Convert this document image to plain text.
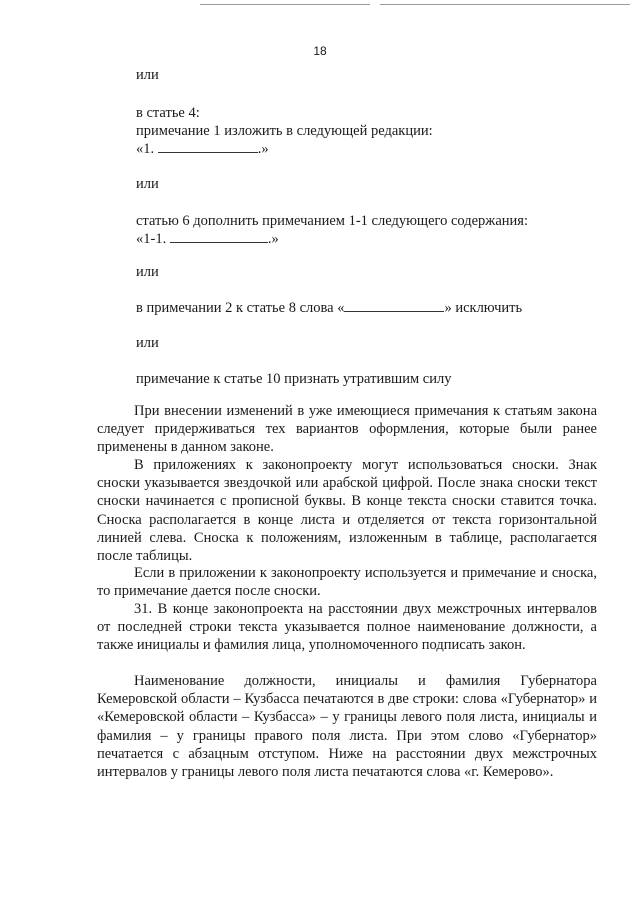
18
или
в статье 4:
примечание 1 изложить в следующей редакции:
«1.	.»
или
статью 6 дополнить примечанием 1-1 следующего содержания:
«1-1.	.»
или
в примечании 2 к статье 8 слова «	» исключить
или
примечание к статье 10 признать утратившим силу

При внесении изменений в уже имеющиеся примечания к статьям закона следует придерживаться тех вариантов оформления, которые были ранее применены в данном законе.

В приложениях к законопроекту могут использоваться сноски. Знак сноски указывается звездочкой или арабской цифрой. После знака сноски текст сноски начинается с прописной буквы. В конце текста сноски ставится точка. Сноска располагается в конце листа и отделяется от текста горизонтальной линией слева. Сноска к положениям, изложенным в таблице, располагается после таблицы.

Если в приложении к законопроекту используется и примечание и сноска, то примечание дается после сноски.

31. В конце законопроекта на расстоянии двух межстрочных интервалов от последней строки текста указывается полное наименование должности, а также инициалы и фамилия лица, уполномоченного подписать закон.

Наименование должности, инициалы и фамилия Губернатора Кемеровской области – Кузбасса печатаются в две строки: слова «Губернатор» и «Кемеровской области – Кузбасса» – у границы левого поля листа, инициалы и фамилия – у границы правого поля листа. При этом слово «Губернатор» печатается с абзацным отступом. Ниже на расстоянии двух межстрочных интервалов у границы левого поля листа печатаются слова «г. Кемерово».
